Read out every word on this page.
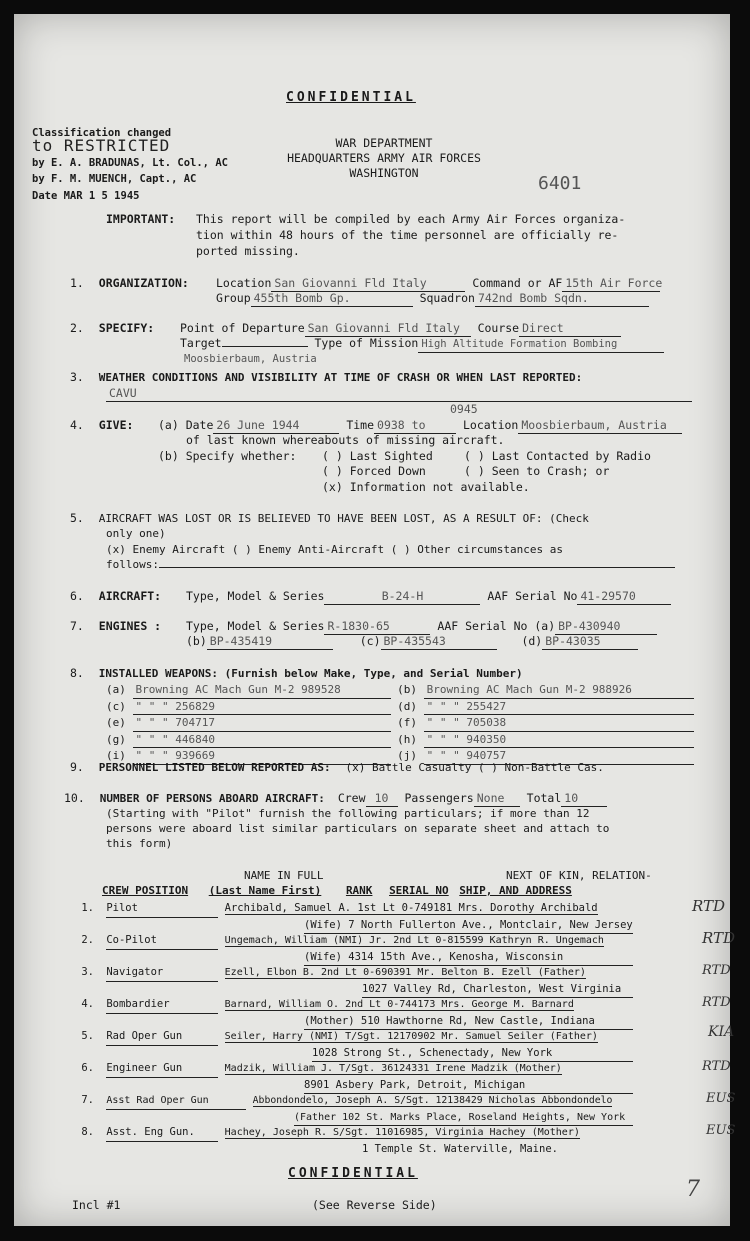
CONFIDENTIAL
Classification changed
to RESTRICTED
by E. A. BRADUNAS, Lt. Col., AC
by F. M. MUENCH, Capt., AC
Date MAR 1 5 1945
WAR DEPARTMENT
HEADQUARTERS ARMY AIR FORCES
WASHINGTON	6401
IMPORTANT: This report will be compiled by each Army Air Forces organiza-
tion within 48 hours of the time personnel are officially re-
ported missing.
1. ORGANIZATION: Location San Giovanni Fld Italy	Command or AF 15th Air Force
Group 455th Bomb Gp.	Squadron 742nd Bomb Sqdn.
2. SPECIFY: Point of Departure San Giovanni Fld Italy Course Direct
Target	Type of Mission High Altitude Formation Bombing
Moosbierbaum, Austria
3. WEATHER CONDITIONS AND VISIBILITY AT TIME OF CRASH OR WHEN LAST REPORTED:
CAVU
0945
4. GIVE: (a) Date 26 June 1944	Time 0938 to	Location Moosbierbaum, Austria
of last known whereabouts of missing aircraft.
(b) Specify whether: ( ) Last Sighted	( ) Last Contacted by Radio
( ) Forced Down	( ) Seen to Crash; or
(x) Information not available.
5. AIRCRAFT WAS LOST OR IS BELIEVED TO HAVE BEEN LOST, AS A RESULT OF: (Check
only one)
(x) Enemy Aircraft ( ) Enemy Anti-Aircraft ( ) Other circumstances as
follows:
6. AIRCRAFT: Type, Model & Series	B-24-H	AAF Serial No 41-29570
7. ENGINES : Type, Model & Series R-1830-65	AAF Serial No (a) BP-430940
(b) BP-435419	(c) BP-435543	(d) BP-43035
8. INSTALLED WEAPONS: (Furnish below Make, Type, and Serial Number)
(a) Browning AC Mach Gun M-2 989528	(b) Browning AC Mach Gun M-2 988926
(c) " " " 256829	(d) " " " 255427
(e) " " " 704717	(f) " " " 705038
(g) " " " 446840	(h) " " " 940350
(i) " " " 939669	(j) " " " 940757
9. PERSONNEL LISTED BELOW REPORTED AS: (x) Battle Casualty ( ) Non-Battle Cas.
10. NUMBER OF PERSONS ABOARD AIRCRAFT: Crew 10 Passengers None Total 10
(Starting with "Pilot" furnish the following particulars; if more than 12
persons were aboard list similar particulars on separate sheet and attach to
this form)
NAME IN FULL	NEXT OF KIN, RELATION-
CREW POSITION (Last Name First) RANK SERIAL NO SHIP, AND ADDRESS
1. Pilot	Archibald, Samuel A. 1st Lt 0-749181 Mrs. Dorothy Archibald	RTD
(Wife) 7 North Fullerton Ave., Montclair, New Jersey
2. Co-Pilot	Ungemach, William (NMI) Jr. 2nd Lt 0-815599 Kathryn R. Ungemach	RTD
(Wife) 4314 15th Ave., Kenosha, Wisconsin
3. Navigator	Ezell, Elbon B. 2nd Lt 0-690391 Mr. Belton B. Ezell (Father)	RTD
1027 Valley Rd, Charleston, West Virginia
4. Bombardier	Barnard, William O. 2nd Lt 0-744173 Mrs. George M. Barnard	RTD
(Mother) 510 Hawthorne Rd, New Castle, Indiana
5. Rad Oper Gun	Seiler, Harry (NMI) T/Sgt. 12170902 Mr. Samuel Seiler (Father)	KIA
1028 Strong St., Schenectady, New York
6. Engineer Gun	Madzik, William J. T/Sgt. 36124331 Irene Madzik (Mother)	RTD
8901 Asbery Park, Detroit, Michigan
7. Asst Rad Oper Gun	Abbondondelo, Joseph A. S/Sgt. 12138429 Nicholas Abbondondelo	EUS
(Father 102 St. Marks Place, Roseland Heights, New York
8. Asst. Eng Gun.	Hachey, Joseph R. S/Sgt. 11016985, Virginia Hachey (Mother)	EUS
1 Temple St. Waterville, Maine.
CONFIDENTIAL
Incl #1	(See Reverse Side)
7
